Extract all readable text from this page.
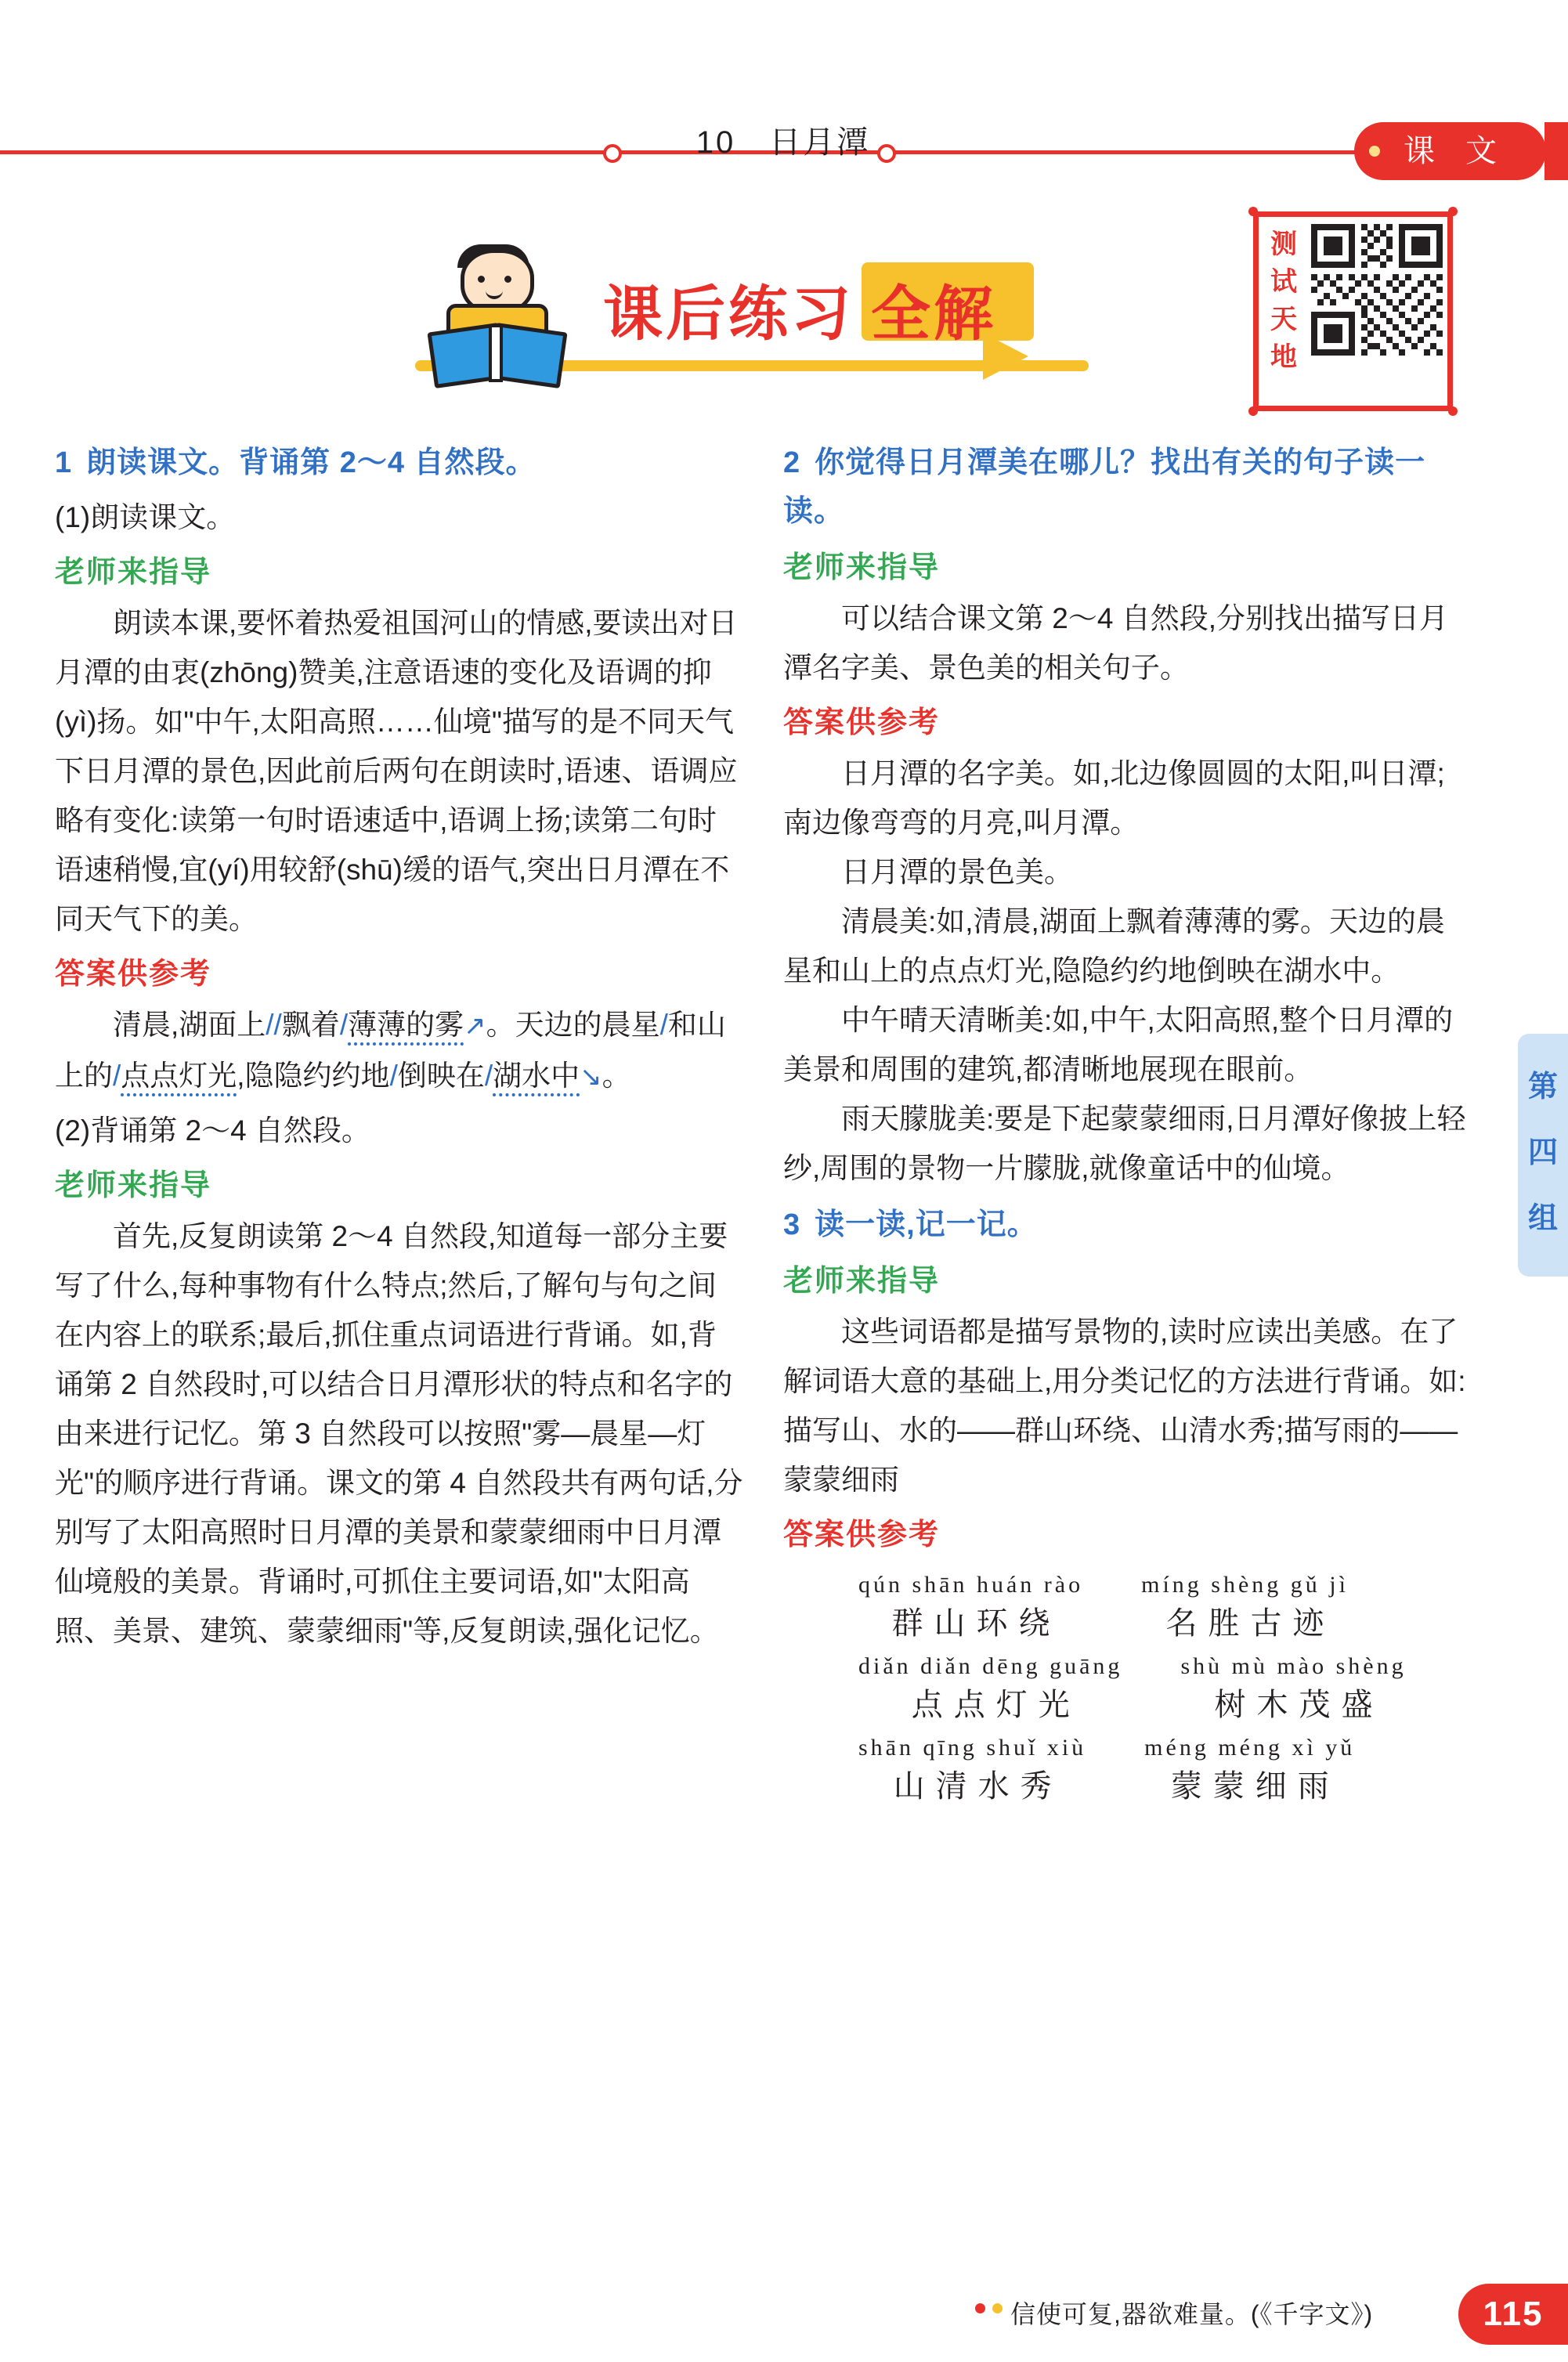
10　日月潭	课 文
课后练习 全解
测试天地
1 朗读课文。背诵第 2～4 自然段。
(1)朗读课文。
老师来指导

朗读本课,要怀着热爱祖国河山的情感,要读出对日月潭的由衷(zhōng)赞美,注意语速的变化及语调的抑(yì)扬。如"中午,太阳高照……仙境"描写的是不同天气下日月潭的景色,因此前后两句在朗读时,语速、语调应略有变化:读第一句时语速适中,语调上扬;读第二句时语速稍慢,宜(yí)用较舒(shū)缓的语气,突出日月潭在不同天气下的美。

答案供参考

清晨,湖面上//飘着/薄薄的雾↗。天边的晨星/和山上的/点点灯光,隐隐约约地/倒映在/湖水中↘。

(2)背诵第 2～4 自然段。
老师来指导

首先,反复朗读第 2～4 自然段,知道每一部分主要写了什么,每种事物有什么特点;然后,了解句与句之间在内容上的联系;最后,抓住重点词语进行背诵。如,背诵第 2 自然段时,可以结合日月潭形状的特点和名字的由来进行记忆。第 3 自然段可以按照"雾—晨星—灯光"的顺序进行背诵。课文的第 4 自然段共有两句话,分别写了太阳高照时日月潭的美景和蒙蒙细雨中日月潭仙境般的美景。背诵时,可抓住主要词语,如"太阳高照、美景、建筑、蒙蒙细雨"等,反复朗读,强化记忆。

2 你觉得日月潭美在哪儿？找出有关的句子读一读。
老师来指导

可以结合课文第 2～4 自然段,分别找出描写日月潭名字美、景色美的相关句子。

答案供参考

日月潭的名字美。如,北边像圆圆的太阳,叫日潭;南边像弯弯的月亮,叫月潭。

日月潭的景色美。

清晨美:如,清晨,湖面上飘着薄薄的雾。天边的晨星和山上的点点灯光,隐隐约约地倒映在湖水中。

中午晴天清晰美:如,中午,太阳高照,整个日月潭的美景和周围的建筑,都清晰地展现在眼前。

雨天朦胧美:要是下起蒙蒙细雨,日月潭好像披上轻纱,周围的景物一片朦胧,就像童话中的仙境。

3 读一读,记一记。
老师来指导

这些词语都是描写景物的,读时应读出美感。在了解词语大意的基础上,用分类记忆的方法进行背诵。如:描写山、水的——群山环绕、山清水秀;描写雨的——蒙蒙细雨

答案供参考
qún shān huán rào
群山环绕
míng shèng gǔ jì
名胜古迹
diǎn diǎn dēng guāng
点点灯光
shù mù mào shèng
树木茂盛
shān qīng shuǐ xiù
山清水秀
méng méng xì yǔ
蒙蒙细雨
第四组
信使可复,器欲难量。(《千字文》)	115
